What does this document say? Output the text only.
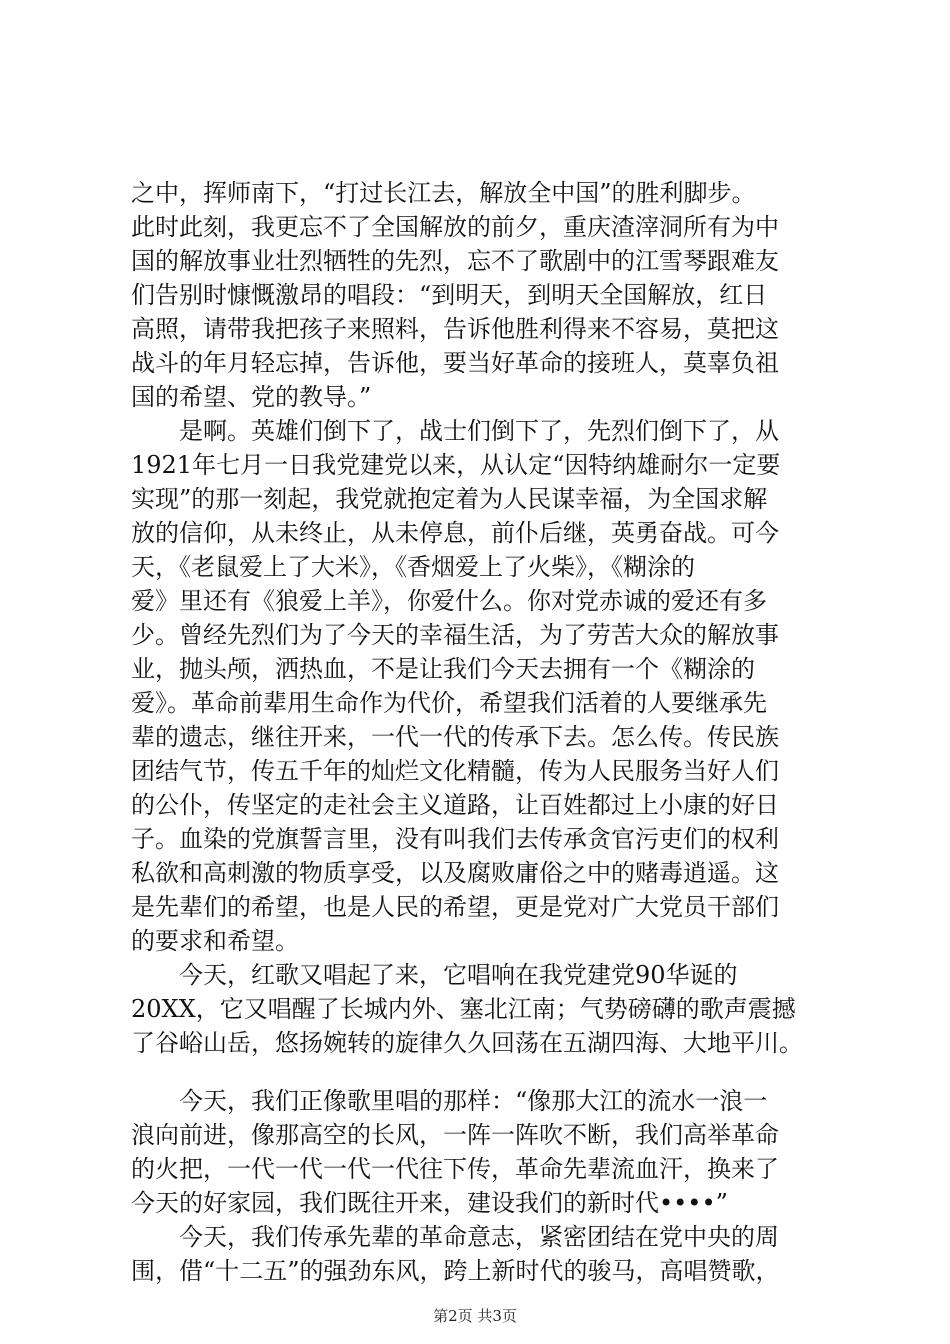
之中，挥师南下，“打过长江去，解放全中国”的胜利脚步。
此时此刻，我更忘不了全国解放的前夕，重庆渣滓洞所有为中
国的解放事业壮烈牺牲的先烈，忘不了歌剧中的江雪琴跟难友
们告别时慷慨激昂的唱段：“到明天，到明天全国解放，红日
高照，请带我把孩子来照料，告诉他胜利得来不容易，莫把这
战斗的年月轻忘掉，告诉他，要当好革命的接班人，莫辜负祖
国的希望、党的教导。”
　　是啊。英雄们倒下了，战士们倒下了，先烈们倒下了，从
1921年七月一日我党建党以来，从认定“因特纳雄耐尔一定要
实现”的那一刻起，我党就抱定着为人民谋幸福，为全国求解
放的信仰，从未终止，从未停息，前仆后继，英勇奋战。可今
天，《老鼠爱上了大米》，《香烟爱上了火柴》，《糊涂的
爱》里还有《狼爱上羊》，你爱什么。你对党赤诚的爱还有多
少。曾经先烈们为了今天的幸福生活，为了劳苦大众的解放事
业，抛头颅，洒热血，不是让我们今天去拥有一个《糊涂的
爱》。革命前辈用生命作为代价，希望我们活着的人要继承先
辈的遗志，继往开来，一代一代的传承下去。怎么传。传民族
团结气节，传五千年的灿烂文化精髓，传为人民服务当好人们
的公仆，传坚定的走社会主义道路，让百姓都过上小康的好日
子。血染的党旗誓言里，没有叫我们去传承贪官污吏们的权利
私欲和高刺激的物质享受，以及腐败庸俗之中的赌毒逍遥。这
是先辈们的希望，也是人民的希望，更是党对广大党员干部们
的要求和希望。
　　今天，红歌又唱起了来，它唱响在我党建党90华诞的
20XX，它又唱醒了长城内外、塞北江南；气势磅礴的歌声震撼
了谷峪山岳，悠扬婉转的旋律久久回荡在五湖四海、大地平川。
　　今天，我们正像歌里唱的那样：“像那大江的流水一浪一
浪向前进，像那高空的长风，一阵一阵吹不断，我们高举革命
的火把，一代一代一代一代往下传，革命先辈流血汗，换来了
今天的好家园，我们既往开来，建设我们的新时代••••”
　　今天，我们传承先辈的革命意志，紧密团结在党中央的周
围，借“十二五”的强劲东风，跨上新时代的骏马，高唱赞歌，
第2页 共3页
